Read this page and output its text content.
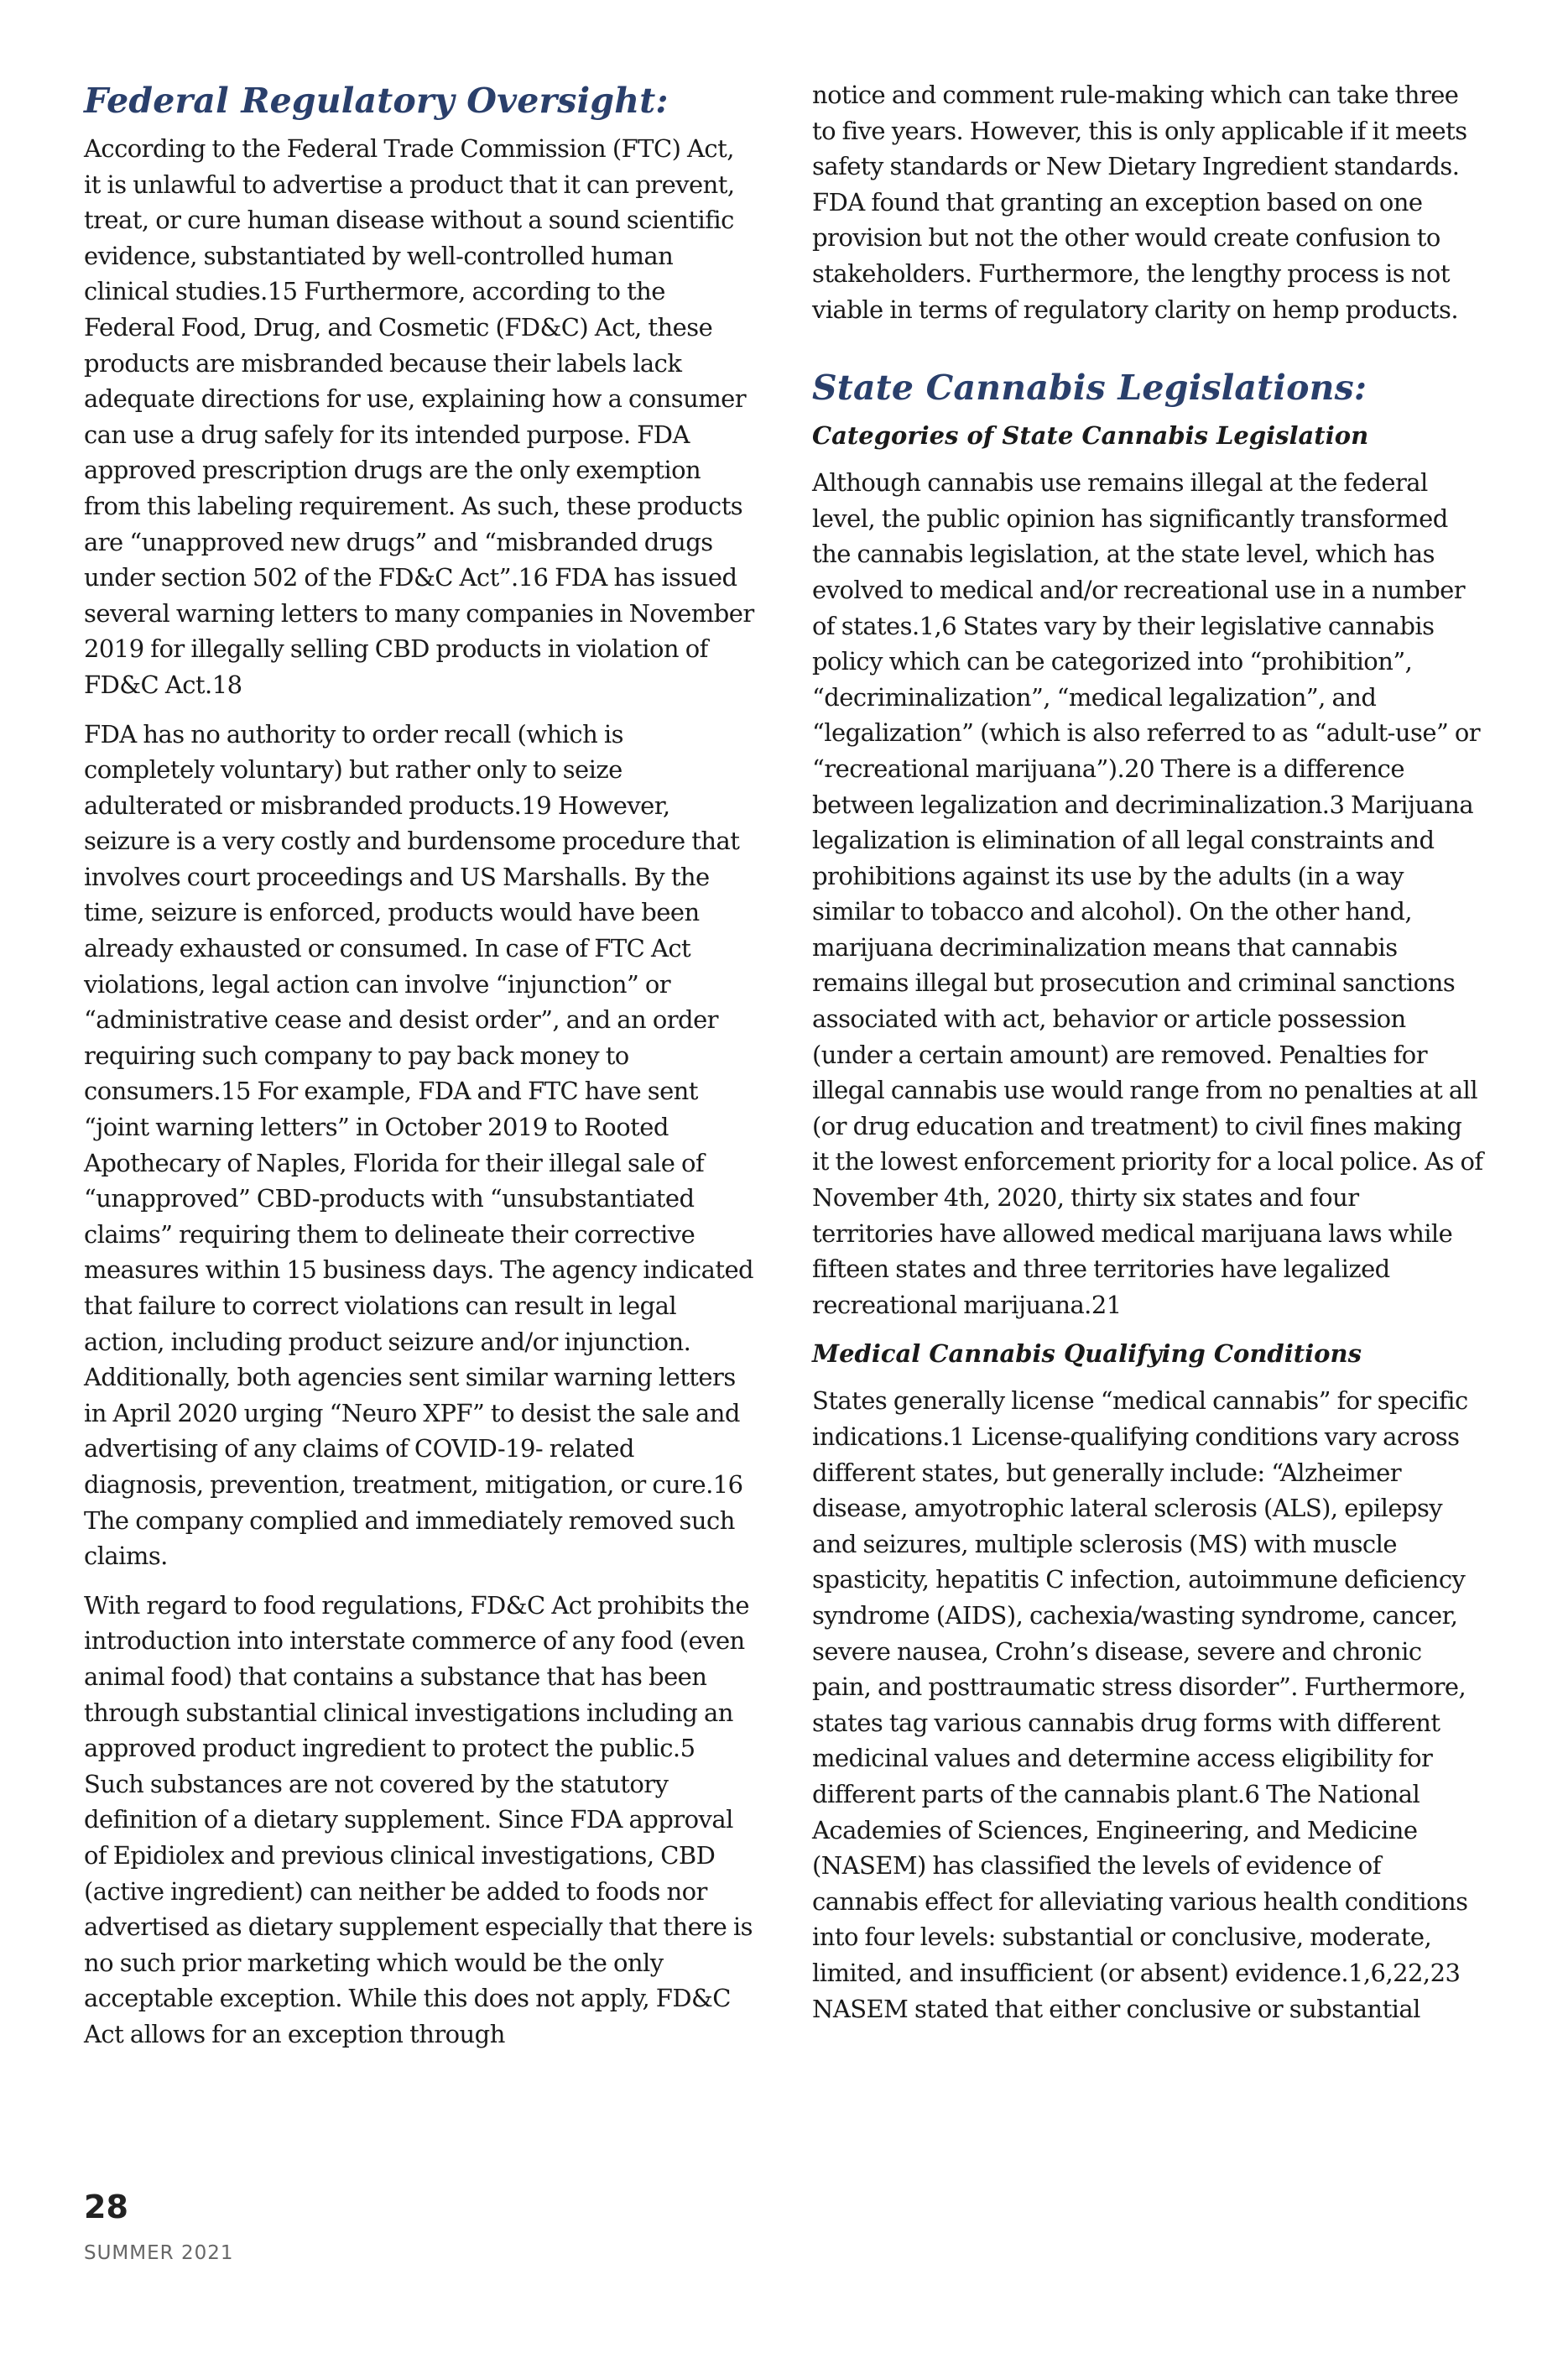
Federal Regulatory Oversight:

According to the Federal Trade Commission (FTC) Act, it is unlawful to advertise a product that it can prevent, treat, or cure human disease without a sound scientific evidence, substantiated by well-controlled human clinical studies.15 Furthermore, according to the Federal Food, Drug, and Cosmetic (FD&C) Act, these products are misbranded because their labels lack adequate directions for use, explaining how a consumer can use a drug safely for its intended purpose. FDA approved prescription drugs are the only exemption from this labeling requirement. As such, these products are “unapproved new drugs” and “misbranded drugs under section 502 of the FD&C Act”.16 FDA has issued several warning letters to many companies in November 2019 for illegally selling CBD products in violation of FD&C Act.18

FDA has no authority to order recall (which is completely voluntary) but rather only to seize adulterated or misbranded products.19 However, seizure is a very costly and burdensome procedure that involves court proceedings and US Marshalls. By the time, seizure is enforced, products would have been already exhausted or consumed. In case of FTC Act violations, legal action can involve “injunction” or “administrative cease and desist order”, and an order requiring such company to pay back money to consumers.15 For example, FDA and FTC have sent “joint warning letters” in October 2019 to Rooted Apothecary of Naples, Florida for their illegal sale of “unapproved” CBD-products with “unsubstantiated claims” requiring them to delineate their corrective measures within 15 business days. The agency indicated that failure to correct violations can result in legal action, including product seizure and/or injunction. Additionally, both agencies sent similar warning letters in April 2020 urging “Neuro XPF” to desist the sale and advertising of any claims of COVID-19- related diagnosis, prevention, treatment, mitigation, or cure.16 The company complied and immediately removed such claims.

With regard to food regulations, FD&C Act prohibits the introduction into interstate commerce of any food (even animal food) that contains a substance that has been through substantial clinical investigations including an approved product ingredient to protect the public.5 Such substances are not covered by the statutory definition of a dietary supplement. Since FDA approval of Epidiolex and previous clinical investigations, CBD (active ingredient) can neither be added to foods nor advertised as dietary supplement especially that there is no such prior marketing which would be the only acceptable exception. While this does not apply, FD&C Act allows for an exception through

notice and comment rule-making which can take three to five years. However, this is only applicable if it meets safety standards or New Dietary Ingredient standards. FDA found that granting an exception based on one provision but not the other would create confusion to stakeholders. Furthermore, the lengthy process is not viable in terms of regulatory clarity on hemp products.

State Cannabis Legislations:
Categories of State Cannabis Legislation

Although cannabis use remains illegal at the federal level, the public opinion has significantly transformed the cannabis legislation, at the state level, which has evolved to medical and/or recreational use in a number of states.1,6 States vary by their legislative cannabis policy which can be categorized into “prohibition”, “decriminalization”, “medical legalization”, and “legalization” (which is also referred to as “adult-use” or “recreational marijuana”).20 There is a difference between legalization and decriminalization.3 Marijuana legalization is elimination of all legal constraints and prohibitions against its use by the adults (in a way similar to tobacco and alcohol). On the other hand, marijuana decriminalization means that cannabis remains illegal but prosecution and criminal sanctions associated with act, behavior or article possession (under a certain amount) are removed. Penalties for illegal cannabis use would range from no penalties at all (or drug education and treatment) to civil fines making it the lowest enforcement priority for a local police. As of November 4th, 2020, thirty six states and four territories have allowed medical marijuana laws while fifteen states and three territories have legalized recreational marijuana.21

Medical Cannabis Qualifying Conditions

States generally license “medical cannabis” for specific indications.1 License-qualifying conditions vary across different states, but generally include: “Alzheimer disease, amyotrophic lateral sclerosis (ALS), epilepsy and seizures, multiple sclerosis (MS) with muscle spasticity, hepatitis C infection, autoimmune deficiency syndrome (AIDS), cachexia/wasting syndrome, cancer, severe nausea, Crohn’s disease, severe and chronic pain, and posttraumatic stress disorder”. Furthermore, states tag various cannabis drug forms with different medicinal values and determine access eligibility for different parts of the cannabis plant.6 The National Academies of Sciences, Engineering, and Medicine (NASEM) has classified the levels of evidence of cannabis effect for alleviating various health conditions into four levels: substantial or conclusive, moderate, limited, and insufficient (or absent) evidence.1,6,22,23 NASEM stated that either conclusive or substantial

28
SUMMER 2021
